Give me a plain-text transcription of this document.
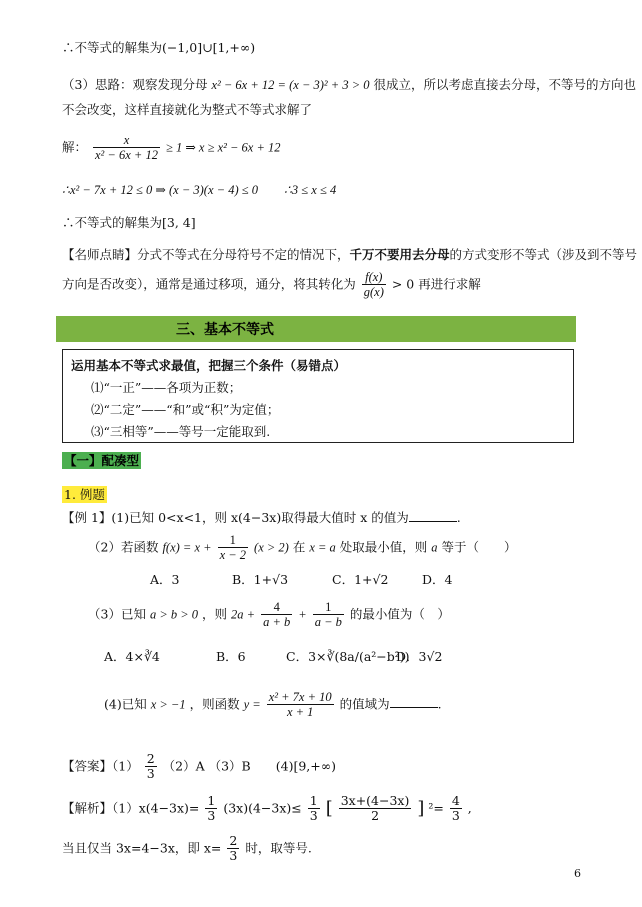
∴不等式的解集为(−1,0]∪[1,+∞)
（3）思路：观察发现分母 x² − 6x + 12 = (x − 3)² + 3 > 0 很成立，所以考虑直接去分母，不等号的方向也
不会改变，这样直接就化为整式不等式求解了
解： $\frac{x}{\text{x² − 6x + 12}} \ge 1$ ⇒ x ≥ x² − 6x + 12
∴x² − 7x + 12 ≤ 0 ⇒ (x − 3)(x − 4) ≤ 0 ∴3 ≤ x ≤ 4
∴不等式的解集为[3, 4]
【名师点睛】分式不等式在分母符号不定的情况下，千万不要用去分母的方式变形不等式（涉及到不等号
方向是否改变），通常是通过移项，通分，将其转化为 $\frac{f(x)}{g(x)} > 0$ 再进行求解
三、基本不等式
运用基本不等式求最值，把握三个条件（易错点）
⑴“一正”——各项为正数；
⑵“二定”——“和”或“积”为定值；
⑶“三相等”——等号一定能取到.
【一】配凑型
1. 例题
【例 1】(1)已知 0<x<1，则 x(4−3x)取得最大值时 x 的值为	.
（2）若函数 $f(x) = x + \frac{1}{x - 2} (x > 2)$ 在 x = a 处取最小值，则 a 等于（　　）
A．3	B．1+√3	C．1+√2	D．4
（3）已知 a > b > 0 ，则 $2a + \frac{4}{a + b} + \frac{1}{a - b}$ 的最小值为（　）
A．4×∛4	B．6	C．3×∛(8a/(a²−b²))
D．3√2
(4)已知 x > −1 ，则函数 $y = \frac{\text{x² + 7x + 10}}{x + 1}$ 的值域为	.
【答案】$(1) \frac{2}{3} (2)A$ （3）B　　(4)[9,+∞)
【解析】$(1)x(4-3x)= \frac{1}{3} (3x)(4-3x)\le \frac{1}{3}$ [ $\frac{3x+(4-3x)}{2}$ ] $^2= \frac{4}{3}$ ,
当且仅当 3x=4−3x，即 $x= \frac{2}{3}$ 时，取等号.
6
